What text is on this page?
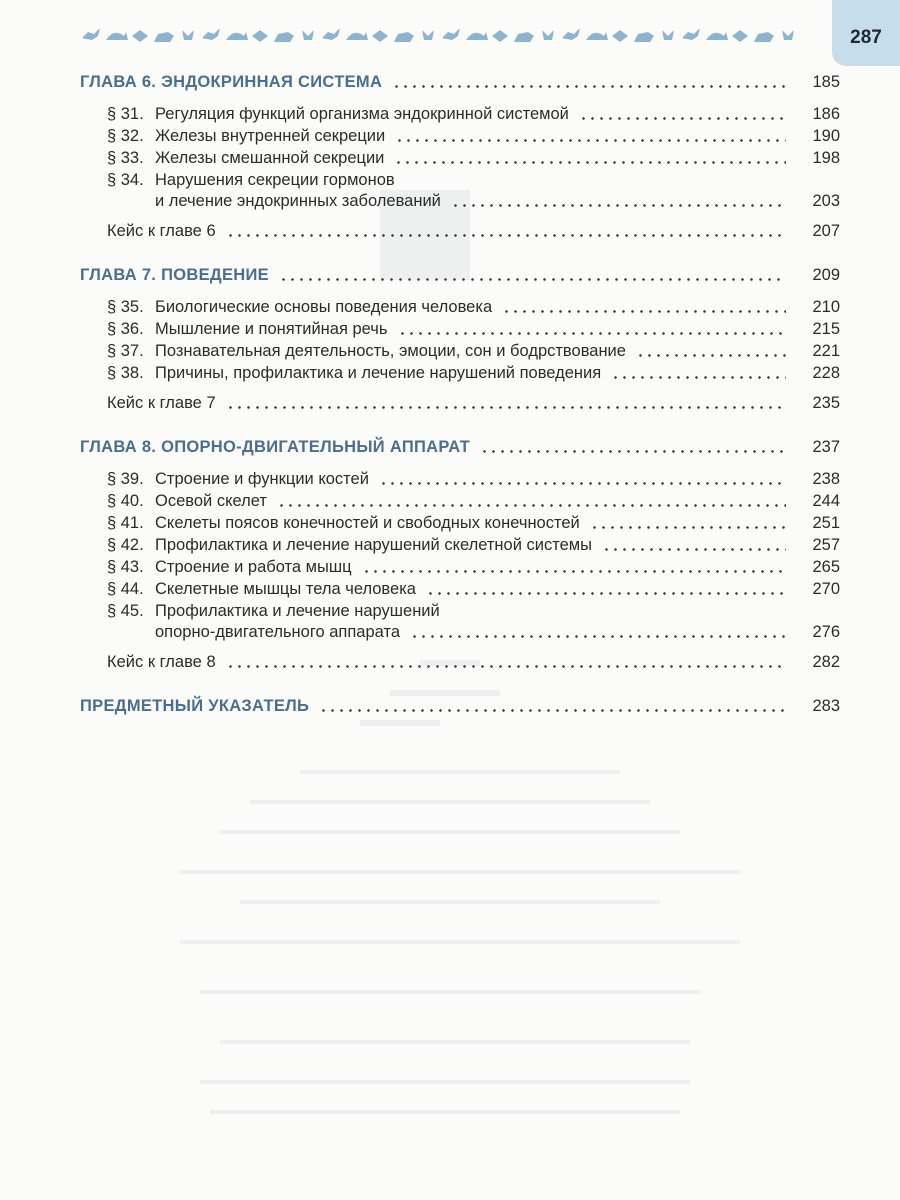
287
ГЛАВА 6. ЭНДОКРИННАЯ СИСТЕМА	185
§ 31. Регуляция функций организма эндокринной системой	186
§ 32. Железы внутренней секреции	190
§ 33. Железы смешанной секреции	198
§ 34. Нарушения секреции гормонов
и лечение эндокринных заболеваний	203
Кейс к главе 6	207
ГЛАВА 7. ПОВЕДЕНИЕ	209
§ 35. Биологические основы поведения человека	210
§ 36. Мышление и понятийная речь	215
§ 37. Познавательная деятельность, эмоции, сон и бодрствование	221
§ 38. Причины, профилактика и лечение нарушений поведения	228
Кейс к главе 7	235
ГЛАВА 8. ОПОРНО-ДВИГАТЕЛЬНЫЙ АППАРАТ	237
§ 39. Строение и функции костей	238
§ 40. Осевой скелет	244
§ 41. Скелеты поясов конечностей и свободных конечностей	251
§ 42. Профилактика и лечение нарушений скелетной системы	257
§ 43. Строение и работа мышц	265
§ 44. Скелетные мышцы тела человека	270
§ 45. Профилактика и лечение нарушений
опорно-двигательного аппарата	276
Кейс к главе 8	282
ПРЕДМЕТНЫЙ УКАЗАТЕЛЬ	283
